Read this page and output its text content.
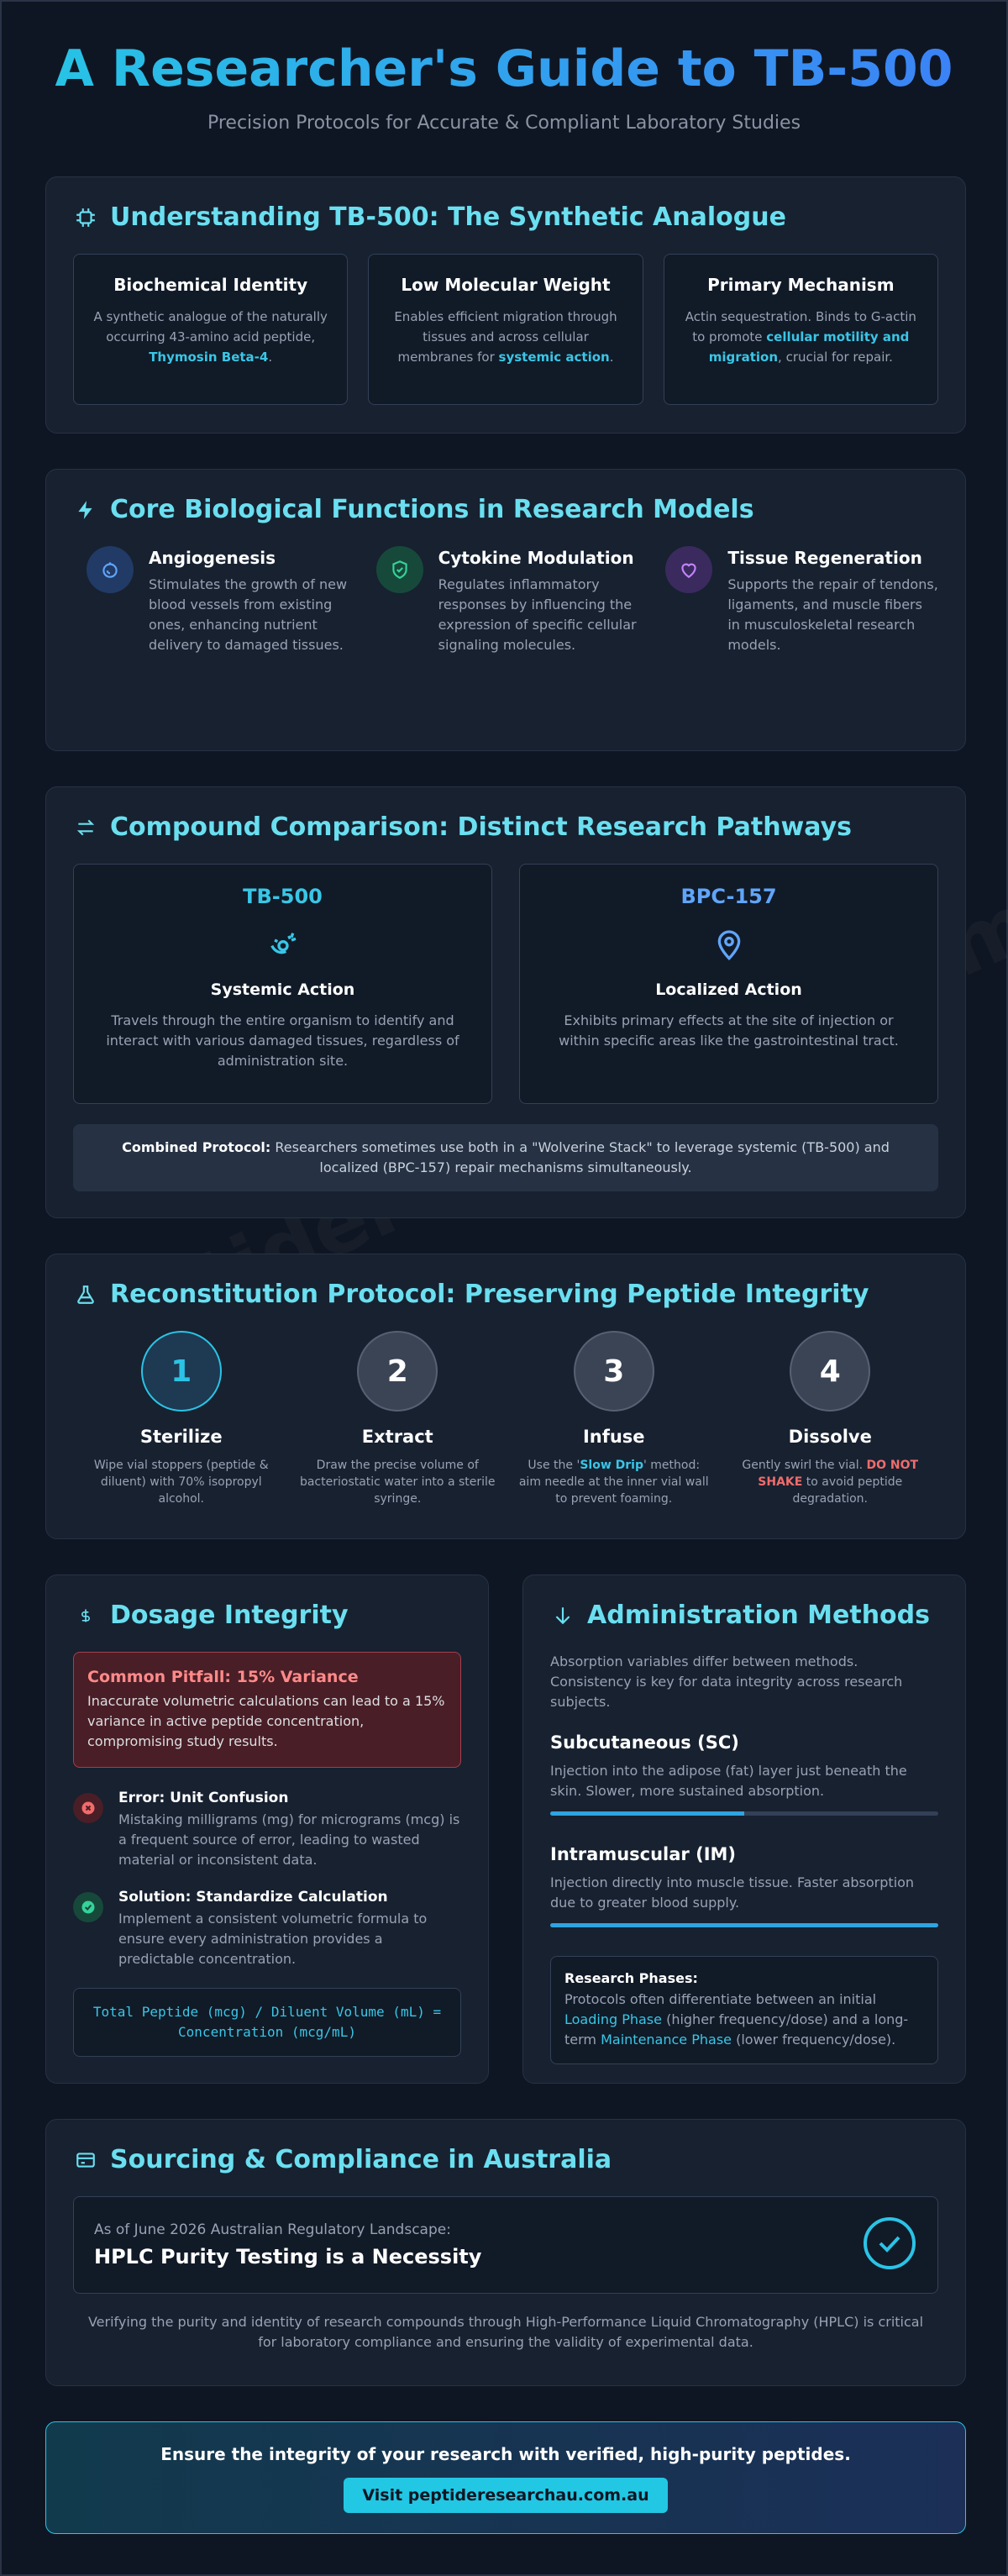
A Researcher's Guide to TB-500

Precision Protocols for Accurate & Compliant Laboratory Studies

Understanding TB-500: The Synthetic Analogue
Biochemical Identity

A synthetic analogue of the naturally occurring 43-amino acid peptide, Thymosin Beta-4.

Low Molecular Weight

Enables efficient migration through tissues and across cellular membranes for systemic action.

Primary Mechanism

Actin sequestration. Binds to G-actin to promote cellular motility and migration, crucial for repair.

Core Biological Functions in Research Models
Angiogenesis

Stimulates the growth of new blood vessels from existing ones, enhancing nutrient delivery to damaged tissues.

Cytokine Modulation

Regulates inflammatory responses by influencing the expression of specific cellular signaling molecules.

Tissue Regeneration

Supports the repair of tendons, ligaments, and muscle fibers in musculoskeletal research models.

Compound Comparison: Distinct Research Pathways
TB-500
Systemic Action

Travels through the entire organism to identify and interact with various damaged tissues, regardless of administration site.

BPC-157
Localized Action

Exhibits primary effects at the site of injection or within specific areas like the gastrointestinal tract.

Combined Protocol: Researchers sometimes use both in a "Wolverine Stack" to leverage systemic (TB-500) and localized (BPC-157) repair mechanisms simultaneously.
Reconstitution Protocol: Preserving Peptide Integrity
1
Sterilize

Wipe vial stoppers (peptide & diluent) with 70% isopropyl alcohol.

2
Extract

Draw the precise volume of bacteriostatic water into a sterile syringe.

3
Infuse

Use the 'Slow Drip' method: aim needle at the inner vial wall to prevent foaming.

4
Dissolve

Gently swirl the vial. DO NOT SHAKE to avoid peptide degradation.

Dosage Integrity
Common Pitfall: 15% Variance

Inaccurate volumetric calculations can lead to a 15% variance in active peptide concentration, compromising study results.

Error: Unit Confusion

Mistaking milligrams (mg) for micrograms (mcg) is a frequent source of error, leading to wasted material or inconsistent data.

Solution: Standardize Calculation

Implement a consistent volumetric formula to ensure every administration provides a predictable concentration.

Total Peptide (mcg) / Diluent Volume (mL) = Concentration (mcg/mL)
Administration Methods

Absorption variables differ between methods. Consistency is key for data integrity across research subjects.

Subcutaneous (SC)

Injection into the adipose (fat) layer just beneath the skin. Slower, more sustained absorption.

Intramuscular (IM)

Injection directly into muscle tissue. Faster absorption due to greater blood supply.

Research Phases:

Protocols often differentiate between an initial Loading Phase (higher frequency/dose) and a long-term Maintenance Phase (lower frequency/dose).

Sourcing & Compliance in Australia
As of June 2026 Australian Regulatory Landscape:
HPLC Purity Testing is a Necessity

Verifying the purity and identity of research compounds through High-Performance Liquid Chromatography (HPLC) is critical for laboratory compliance and ensuring the validity of experimental data.

Ensure the integrity of your research with verified, high-purity peptides.

Visit peptideresearchau.com.au
